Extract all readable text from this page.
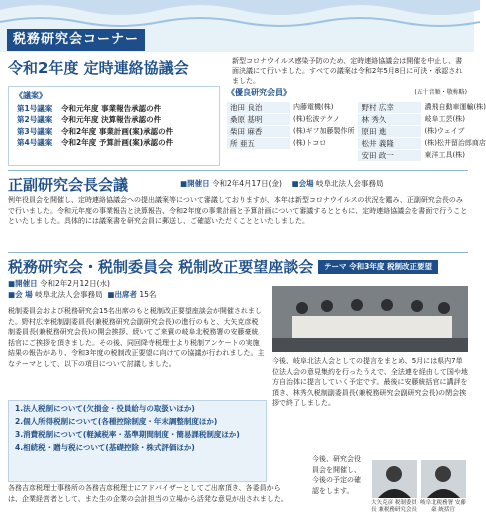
税務研究会コーナー
令和2年度 定時連絡協議会	新型コロナウイルス感染予防のため、定時連絡協議会は開催を中止し、書面決議にて行いました。すべての議案は令和2年5月8日に可決・承認されました。
《議案》
第1号議案	令和元年度 事業報告承認の件
第2号議案	令和元年度 決算報告承認の件
第3号議案	令和2年度 事業計画(案)承認の件
第4号議案	令和2年度 予算計画(案)承認の件
《優良研究会員》	(五十音順・敬称略)
池田 良治	内藤電機(株)	野村 広幸	濃飛自動車運輸(株)
桑原 基明	(株)松波テクノ	林 秀久	岐阜工芸(株)
柴田 麻香	(株)ギフ加藤製作所 原田 進	(株)ウェイブ
所 亜五	(株)トコロ	松井 義隆	(株)松井留治郎商店
安田 政一	東洋工具(株)
正副研究会長会議	■開催日 令和2年4月17日(金) ■会場 岐阜北法人会事務局
例年役員会を開催し、定時連絡協議会への提出議案等について審議しておりますが、本年は新型コロナウイルスの状況を鑑み、正副研究会長のみで行いました。令和元年度の事業報告と決算報告、令和2年度の事業計画と予算計画について審議するとともに、定時連絡協議会を書面で行うことといたしました。具体的には議案書を研究会員に郵送し、ご確認いただくことといたしました。
税務研究会・税制委員会 税制改正要望座談会	テーマ 令和3年度 税制改正要望
■開催日 令和2年2月12日(水)
■会 場 岐阜北法人会事務局 ■出席者 15名
税制委員会および税務研究会15名出席のもと税制改正要望座談会が開催されました。野村広幸税制副委員長(兼税務研究会副研究会長)の進行のもと、大矢克彦税制委員長(兼税務研究会長)の開会挨拶、続いてご来賓の岐阜北税務署の安藤豪統括官にご挨拶を頂きました。その後、同回降寺税理士より税制アンケートの実施結果の報告があり、令和3年度の税制改正要望に向けての協議が行われました。主なテーマとして、以下の項目について討議しました。	今後、岐阜北法人会としての提言をまとめ、5月には県内7単位法人会の意見集約を行ったうえで、全法連を経由して国や地方自治体に提言していく予定です。最後に安藤統括官に講評を頂き、林秀久税制副委員長(兼税務研究会副研究会長)の閉会挨拶で終了しました。
1.法人税制について(欠損金・役員給与の取扱いほか)
2.個人所得税制について(各種控除制度・年末調整制度ほか)
3.消費税制について(軽減税率・基準期間制度・簡易課税制度ほか)
4.相続税・贈与税について(基礎控除・株式評価ほか)
各務吉彦税理士事務所の各務吉彦税理士にアドバイザーとしてご出席頂き、各委員からは、企業経営者として、また生の企業の会計担当の立場から活発な意見が出されました。
今後、研究会役員会を開催し、今後の予定の確認をします。
大矢克彦 税制委員長 兼税務研究会長
岐阜北税務署 安藤豪 統括官
